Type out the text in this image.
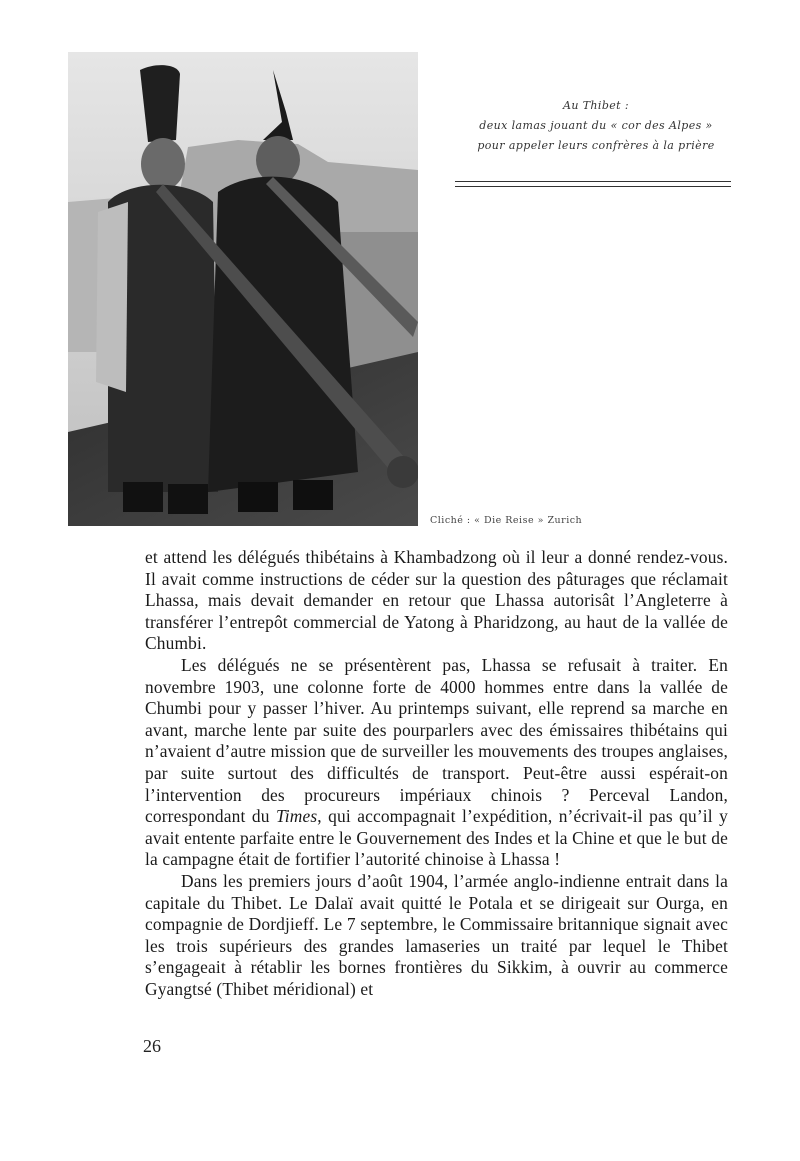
Au Thibet :
deux lamas jouant du « cor des Alpes »
pour appeler leurs confrères à la prière
Cliché : « Die Reise » Zurich

et attend les délégués thibétains à Khambadzong où il leur a donné rendez-vous. Il avait comme instructions de céder sur la question des pâturages que réclamait Lhassa, mais devait demander en retour que Lhassa autorisât l’Angleterre à transférer l’entrepôt commercial de Yatong à Pharidzong, au haut de la vallée de Chumbi.

Les délégués ne se présentèrent pas, Lhassa se refusait à traiter. En novembre 1903, une colonne forte de 4000 hommes entre dans la vallée de Chumbi pour y passer l’hiver. Au printemps suivant, elle reprend sa marche en avant, marche lente par suite des pourparlers avec des émissaires thibétains qui n’avaient d’autre mission que de surveiller les mouvements des troupes anglaises, par suite surtout des difficultés de transport. Peut-être aussi espérait-on l’intervention des procureurs impériaux chinois ? Perceval Landon, correspondant du Times, qui accompagnait l’expédition, n’écrivait-il pas qu’il y avait entente parfaite entre le Gouvernement des Indes et la Chine et que le but de la campagne était de fortifier l’autorité chinoise à Lhassa !

Dans les premiers jours d’août 1904, l’armée anglo-indienne entrait dans la capitale du Thibet. Le Dalaï avait quitté le Potala et se dirigeait sur Ourga, en compagnie de Dordjieff. Le 7 septembre, le Commissaire britannique signait avec les trois supérieurs des grandes lamaseries un traité par lequel le Thibet s’engageait à rétablir les bornes frontières du Sikkim, à ouvrir au commerce Gyangtsé (Thibet méridional) et

26
